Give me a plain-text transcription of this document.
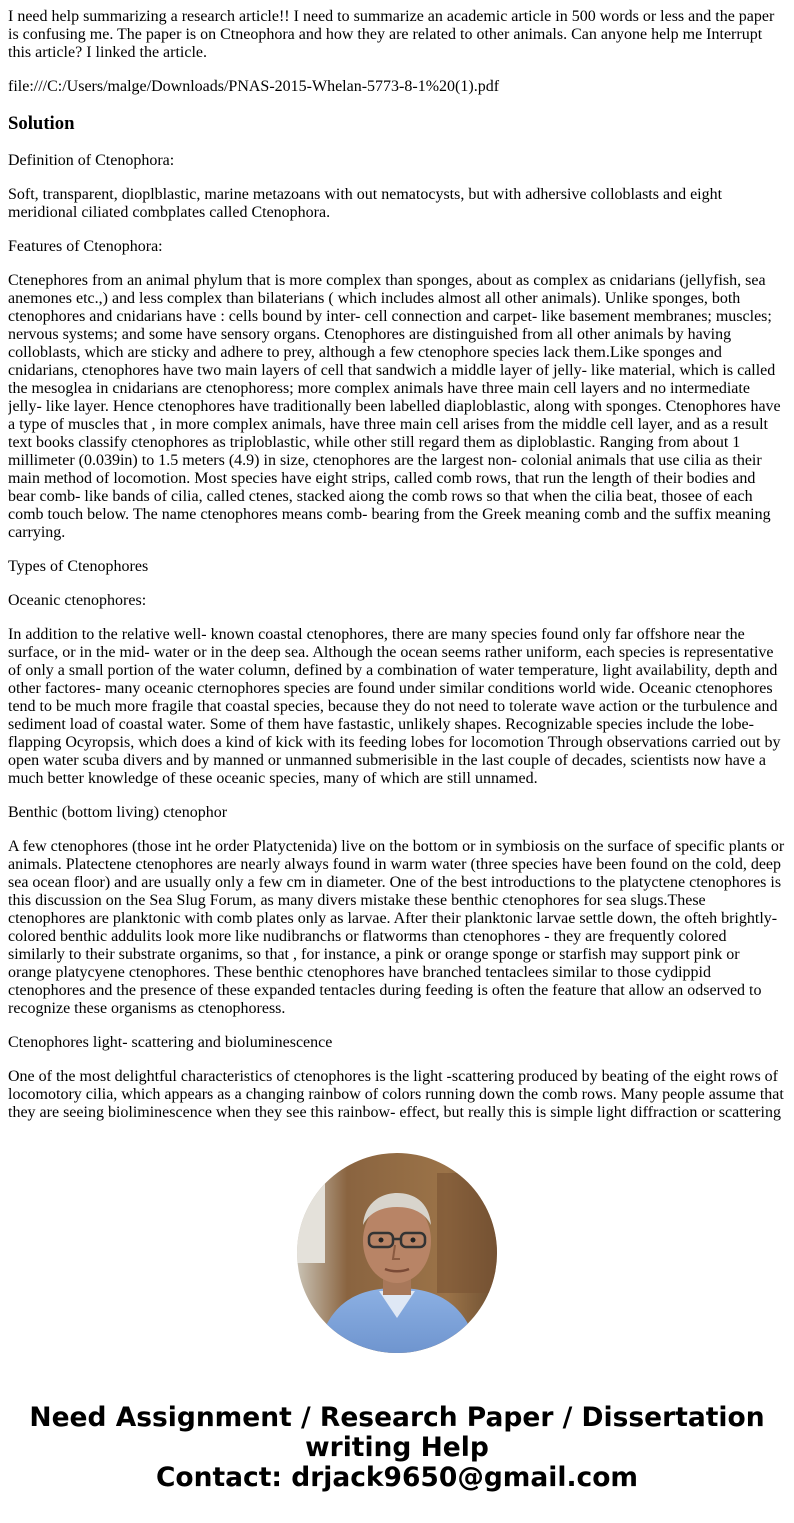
I need help summarizing a research article!! I need to summarize an academic article in 500 words or less and the paper is confusing me. The paper is on Ctneophora and how they are related to other animals. Can anyone help me Interrupt this article? I linked the article.

file:///C:/Users/malge/Downloads/PNAS-2015-Whelan-5773-8-1%20(1).pdf

Solution

Definition of Ctenophora:

Soft, transparent, dioplblastic, marine metazoans with out nematocysts, but with adhersive colloblasts and eight meridional ciliated combplates called Ctenophora.

Features of Ctenophora:

Ctenephores from an animal phylum that is more complex than sponges, about as complex as cnidarians (jellyfish, sea anemones etc.,) and less complex than bilaterians ( which includes almost all other animals). Unlike sponges, both ctenophores and cnidarians have : cells bound by inter- cell connection and carpet- like basement membranes; muscles; nervous systems; and some have sensory organs. Ctenophores are distinguished from all other animals by having colloblasts, which are sticky and adhere to prey, although a few ctenophore species lack them.Like sponges and cnidarians, ctenophores have two main layers of cell that sandwich a middle layer of jelly- like material, which is called the mesoglea in cnidarians are ctenophoress; more complex animals have three main cell layers and no intermediate jelly- like layer. Hence ctenophores have traditionally been labelled diaploblastic, along with sponges. Ctenophores have a type of muscles that , in more complex animals, have three main cell arises from the middle cell layer, and as a result text books classify ctenophores as triploblastic, while other still regard them as diploblastic. Ranging from about 1 millimeter (0.039in) to 1.5 meters (4.9) in size, ctenophores are the largest non- colonial animals that use cilia as their main method of locomotion. Most species have eight strips, called comb rows, that run the length of their bodies and bear comb- like bands of cilia, called ctenes, stacked aiong the comb rows so that when the cilia beat, thosee of each comb touch below. The name ctenophores means comb- bearing from the Greek meaning comb and the suffix meaning carrying.

Types of Ctenophores

Oceanic ctenophores:

In addition to the relative well- known coastal ctenophores, there are many species found only far offshore near the surface, or in the mid- water or in the deep sea. Although the ocean seems rather uniform, each species is representative of only a small portion of the water column, defined by a combination of water temperature, light availability, depth and other factores- many oceanic cternophores species are found under similar conditions world wide. Oceanic ctenophores tend to be much more fragile that coastal species, because they do not need to tolerate wave action or the turbulence and sediment load of coastal water. Some of them have fastastic, unlikely shapes. Recognizable species include the lobe- flapping Ocyropsis, which does a kind of kick with its feeding lobes for locomotion Through observations carried out by open water scuba divers and by manned or unmanned submerisible in the last couple of decades, scientists now have a much better knowledge of these oceanic species, many of which are still unnamed.

Benthic (bottom living) ctenophor

A few ctenophores (those int he order Platyctenida) live on the bottom or in symbiosis on the surface of specific plants or animals. Platectene ctenophores are nearly always found in warm water (three species have been found on the cold, deep sea ocean floor) and are usually only a few cm in diameter. One of the best introductions to the platyctene ctenophores is this discussion on the Sea Slug Forum, as many divers mistake these benthic ctenophores for sea slugs.These ctenophores are planktonic with comb plates only as larvae. After their planktonic larvae settle down, the ofteh brightly-colored benthic addulits look more like nudibranchs or flatworms than ctenophores - they are frequently colored similarly to their substrate organims, so that , for instance, a pink or orange sponge or starfish may support pink or orange platycyene ctenophores. These benthic ctenophores have branched tentaclees similar to those cydippid ctenophores and the presence of these expanded tentacles during feeding is often the feature that allow an odserved to recognize these organisms as ctenophoress.

Ctenophores light- scattering and bioluminescence

One of the most delightful characteristics of ctenophores is the light -scattering produced by beating of the eight rows of locomotory cilia, which appears as a changing rainbow of colors running down the comb rows. Many people assume that they are seeing bioliminescence when they see this rainbow- effect, but really this is simple light diffraction or scattering

Need Assignment / Research Paper / Dissertation
writing Help
Contact: drjack9650@gmail.com
